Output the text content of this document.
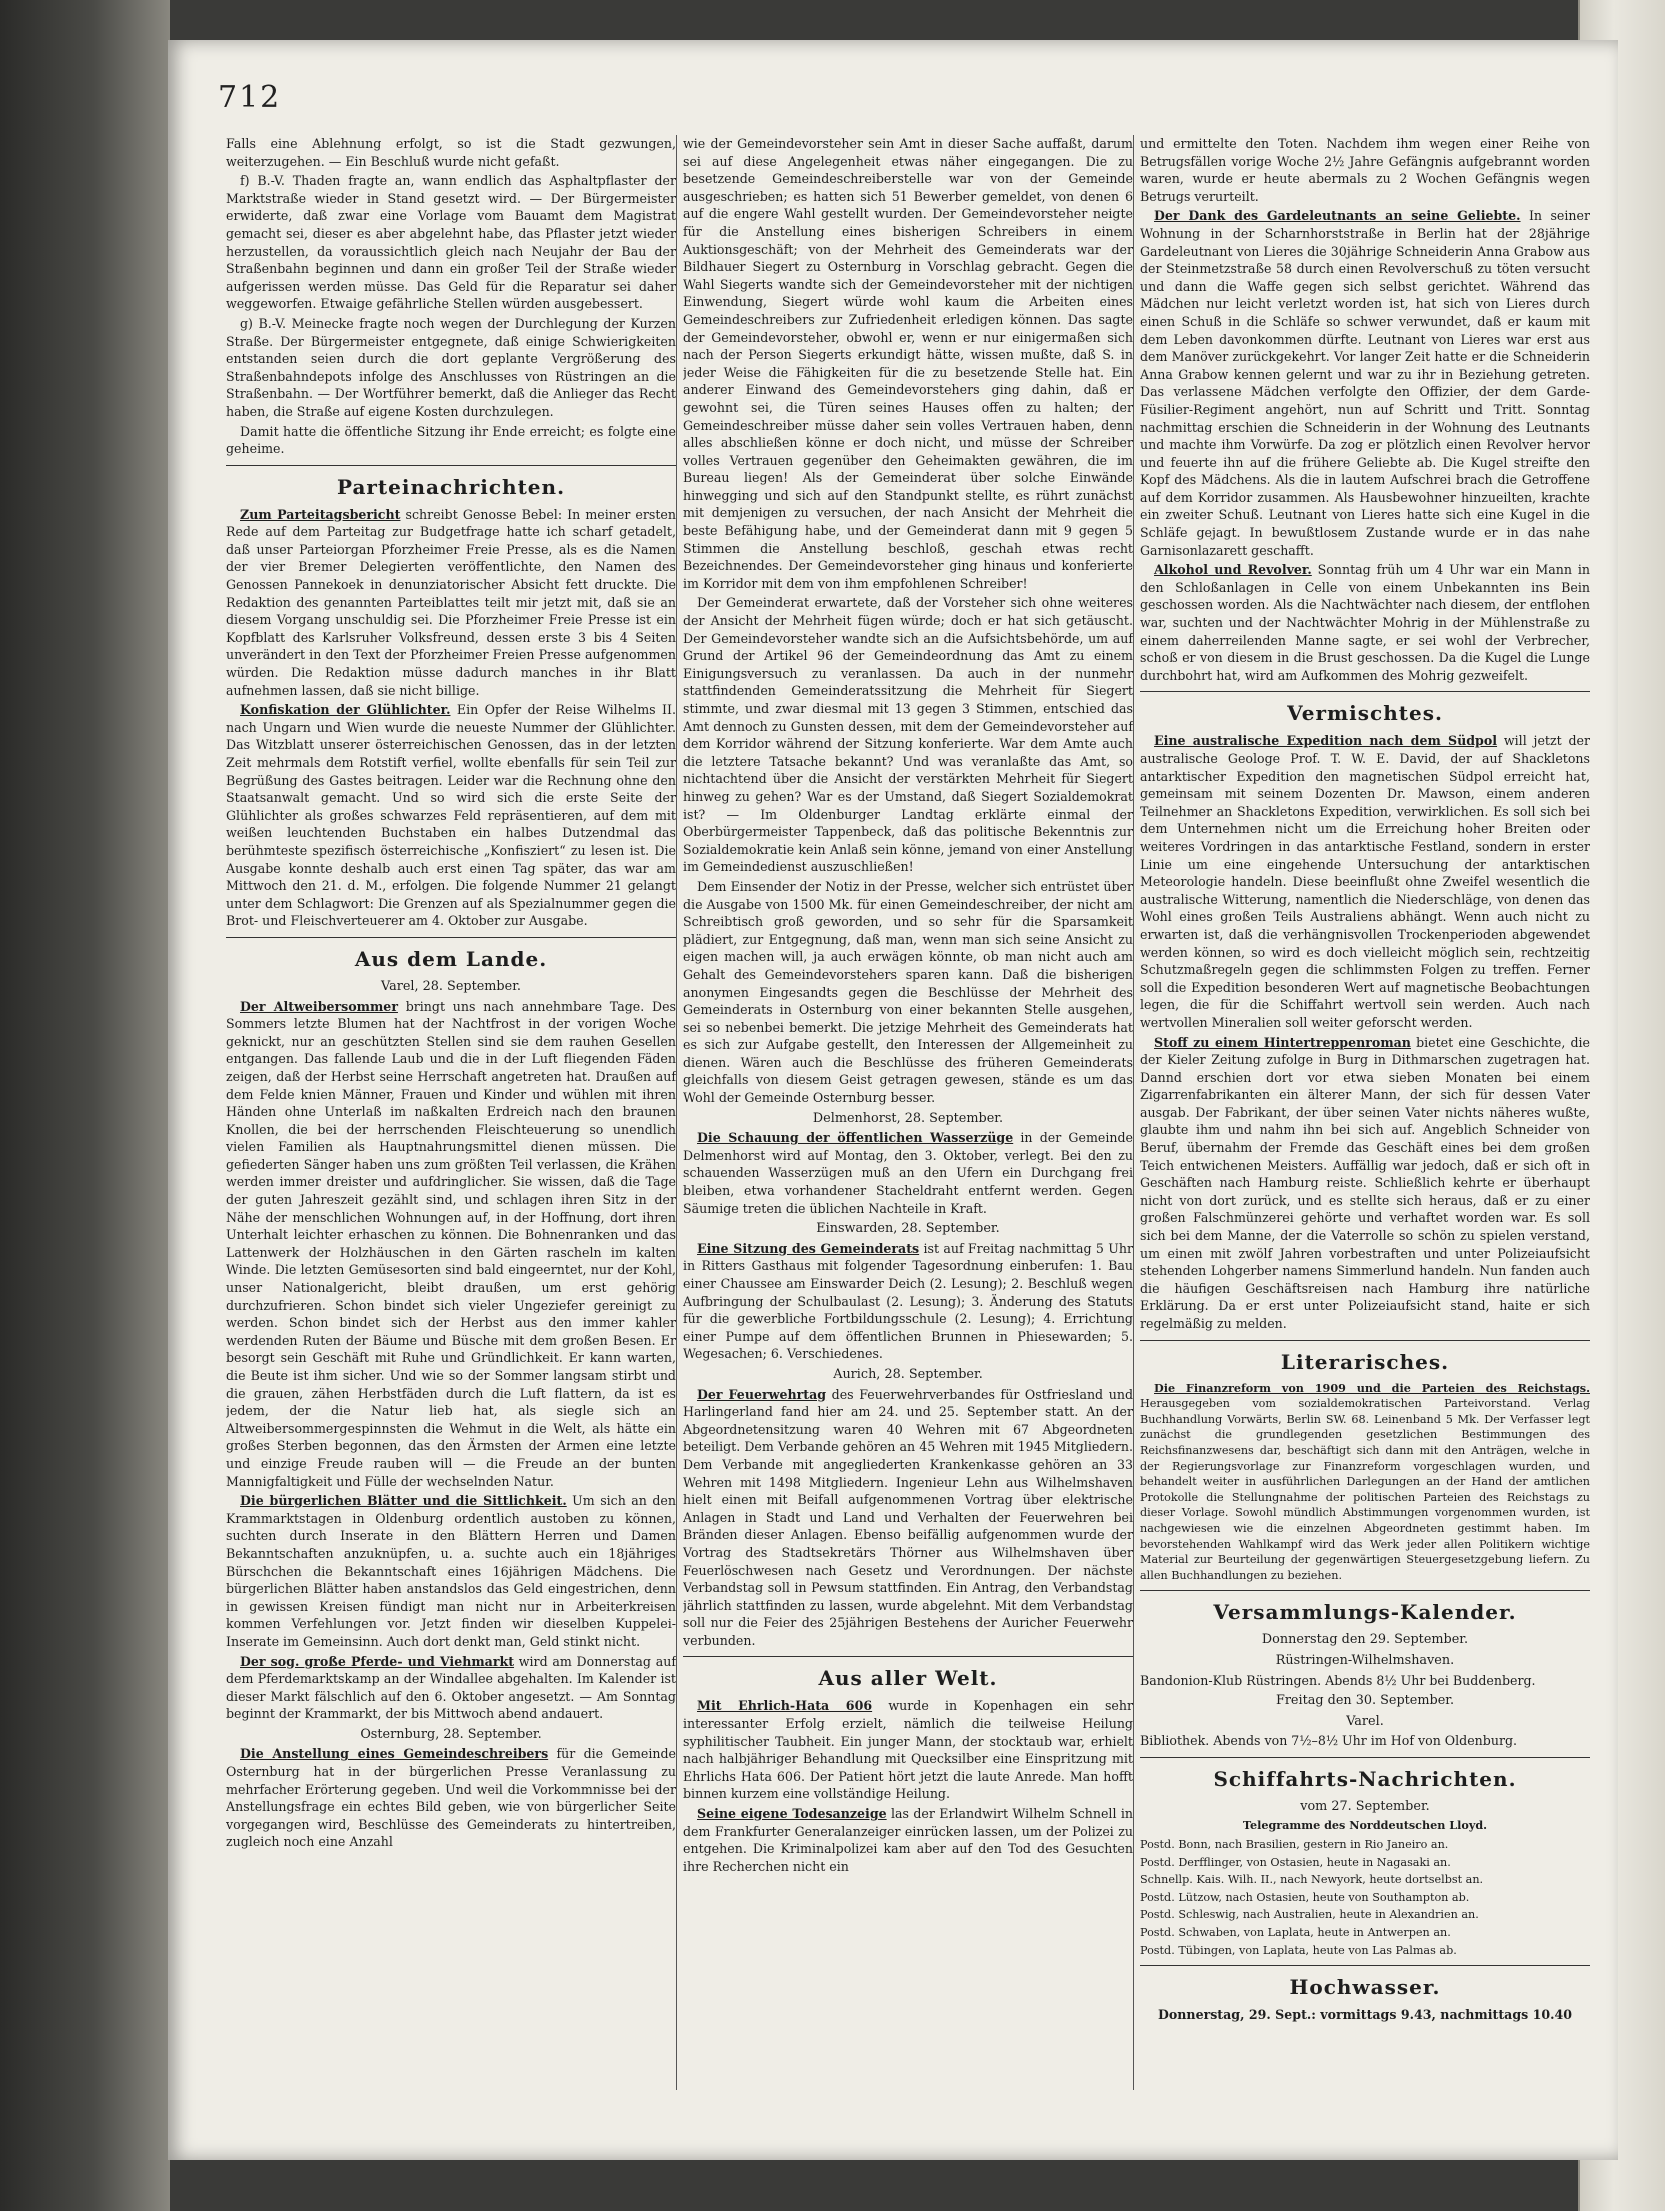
712

Falls eine Ablehnung erfolgt, so ist die Stadt gezwungen, weiterzugehen. — Ein Beschluß wurde nicht gefaßt.

f) B.-V. Thaden fragte an, wann endlich das Asphaltpflaster der Marktstraße wieder in Stand gesetzt wird. — Der Bürgermeister erwiderte, daß zwar eine Vorlage vom Bauamt dem Magistrat gemacht sei, dieser es aber abgelehnt habe, das Pflaster jetzt wieder herzustellen, da voraussichtlich gleich nach Neujahr der Bau der Straßenbahn beginnen und dann ein großer Teil der Straße wieder aufgerissen werden müsse. Das Geld für die Reparatur sei daher weggeworfen. Etwaige gefährliche Stellen würden ausgebessert.

g) B.-V. Meinecke fragte noch wegen der Durchlegung der Kurzen Straße. Der Bürgermeister entgegnete, daß einige Schwierigkeiten entstanden seien durch die dort geplante Vergrößerung des Straßenbahndepots infolge des Anschlusses von Rüstringen an die Straßenbahn. — Der Wortführer bemerkt, daß die Anlieger das Recht haben, die Straße auf eigene Kosten durchzulegen.

Damit hatte die öffentliche Sitzung ihr Ende erreicht; es folgte eine geheime.

Parteinachrichten.

Zum Parteitagsbericht schreibt Genosse Bebel: In meiner ersten Rede auf dem Parteitag zur Budgetfrage hatte ich scharf getadelt, daß unser Parteiorgan Pforzheimer Freie Presse, als es die Namen der vier Bremer Delegierten veröffentlichte, den Namen des Genossen Pannekoek in denunziatorischer Absicht fett druckte. Die Redaktion des genannten Parteiblattes teilt mir jetzt mit, daß sie an diesem Vorgang unschuldig sei. Die Pforzheimer Freie Presse ist ein Kopfblatt des Karlsruher Volksfreund, dessen erste 3 bis 4 Seiten unverändert in den Text der Pforzheimer Freien Presse aufgenommen würden. Die Redaktion müsse dadurch manches in ihr Blatt aufnehmen lassen, daß sie nicht billige.

Konfiskation der Glühlichter. Ein Opfer der Reise Wilhelms II. nach Ungarn und Wien wurde die neueste Nummer der Glühlichter. Das Witzblatt unserer österreichischen Genossen, das in der letzten Zeit mehrmals dem Rotstift verfiel, wollte ebenfalls für sein Teil zur Begrüßung des Gastes beitragen. Leider war die Rechnung ohne den Staatsanwalt gemacht. Und so wird sich die erste Seite der Glühlichter als großes schwarzes Feld repräsentieren, auf dem mit weißen leuchtenden Buchstaben ein halbes Dutzendmal das berühmteste spezifisch österreichische „Konfisziert“ zu lesen ist. Die Ausgabe konnte deshalb auch erst einen Tag später, das war am Mittwoch den 21. d. M., erfolgen. Die folgende Nummer 21 gelangt unter dem Schlagwort: Die Grenzen auf als Spezialnummer gegen die Brot- und Fleischverteuerer am 4. Oktober zur Ausgabe.

Aus dem Lande.
Varel, 28. September.

Der Altweibersommer bringt uns nach annehmbare Tage. Des Sommers letzte Blumen hat der Nachtfrost in der vorigen Woche geknickt, nur an geschützten Stellen sind sie dem rauhen Gesellen entgangen. Das fallende Laub und die in der Luft fliegenden Fäden zeigen, daß der Herbst seine Herrschaft angetreten hat. Draußen auf dem Felde knien Männer, Frauen und Kinder und wühlen mit ihren Händen ohne Unterlaß im naßkalten Erdreich nach den braunen Knollen, die bei der herrschenden Fleischteuerung so unendlich vielen Familien als Hauptnahrungsmittel dienen müssen. Die gefiederten Sänger haben uns zum größten Teil verlassen, die Krähen werden immer dreister und aufdringlicher. Sie wissen, daß die Tage der guten Jahreszeit gezählt sind, und schlagen ihren Sitz in der Nähe der menschlichen Wohnungen auf, in der Hoffnung, dort ihren Unterhalt leichter erhaschen zu können. Die Bohnenranken und das Lattenwerk der Holzhäuschen in den Gärten rascheln im kalten Winde. Die letzten Gemüsesorten sind bald eingeerntet, nur der Kohl, unser Nationalgericht, bleibt draußen, um erst gehörig durchzufrieren. Schon bindet sich vieler Ungeziefer gereinigt zu werden. Schon bindet sich der Herbst aus den immer kahler werdenden Ruten der Bäume und Büsche mit dem großen Besen. Er besorgt sein Geschäft mit Ruhe und Gründlichkeit. Er kann warten, die Beute ist ihm sicher. Und wie so der Sommer langsam stirbt und die grauen, zähen Herbstfäden durch die Luft flattern, da ist es jedem, der die Natur lieb hat, als siegle sich an Altweibersommergespinnsten die Wehmut in die Welt, als hätte ein großes Sterben begonnen, das den Ärmsten der Armen eine letzte und einzige Freude rauben will — die Freude an der bunten Mannigfaltigkeit und Fülle der wechselnden Natur.

Die bürgerlichen Blätter und die Sittlichkeit. Um sich an den Krammarktstagen in Oldenburg ordentlich austoben zu können, suchten durch Inserate in den Blättern Herren und Damen Bekanntschaften anzuknüpfen, u. a. suchte auch ein 18jähriges Bürschchen die Bekanntschaft eines 16jährigen Mädchens. Die bürgerlichen Blätter haben anstandslos das Geld eingestrichen, denn in gewissen Kreisen fündigt man nicht nur in Arbeiterkreisen kommen Verfehlungen vor. Jetzt finden wir dieselben Kuppelei-Inserate im Gemeinsinn. Auch dort denkt man, Geld stinkt nicht.

Der sog. große Pferde- und Viehmarkt wird am Donnerstag auf dem Pferdemarktskamp an der Windallee abgehalten. Im Kalender ist dieser Markt fälschlich auf den 6. Oktober angesetzt. — Am Sonntag beginnt der Krammarkt, der bis Mittwoch abend andauert.

Osternburg, 28. September.

Die Anstellung eines Gemeindeschreibers für die Gemeinde Osternburg hat in der bürgerlichen Presse Veranlassung zu mehrfacher Erörterung gegeben. Und weil die Vorkommnisse bei der Anstellungsfrage ein echtes Bild geben, wie von bürgerlicher Seite vorgegangen wird, Beschlüsse des Gemeinderats zu hintertreiben, zugleich noch eine Anzahl

wie der Gemeindevorsteher sein Amt in dieser Sache auffaßt, darum sei auf diese Angelegenheit etwas näher eingegangen. Die zu besetzende Gemeindeschreiberstelle war von der Gemeinde ausgeschrieben; es hatten sich 51 Bewerber gemeldet, von denen 6 auf die engere Wahl gestellt wurden. Der Gemeindevorsteher neigte für die Anstellung eines bisherigen Schreibers in einem Auktionsgeschäft; von der Mehrheit des Gemeinderats war der Bildhauer Siegert zu Osternburg in Vorschlag gebracht. Gegen die Wahl Siegerts wandte sich der Gemeindevorsteher mit der nichtigen Einwendung, Siegert würde wohl kaum die Arbeiten eines Gemeindeschreibers zur Zufriedenheit erledigen können. Das sagte der Gemeindevorsteher, obwohl er, wenn er nur einigermaßen sich nach der Person Siegerts erkundigt hätte, wissen mußte, daß S. in jeder Weise die Fähigkeiten für die zu besetzende Stelle hat. Ein anderer Einwand des Gemeindevorstehers ging dahin, daß er gewohnt sei, die Türen seines Hauses offen zu halten; der Gemeindeschreiber müsse daher sein volles Vertrauen haben, denn alles abschließen könne er doch nicht, und müsse der Schreiber volles Vertrauen gegenüber den Geheimakten gewähren, die im Bureau liegen! Als der Gemeinderat über solche Einwände hinwegging und sich auf den Standpunkt stellte, es rührt zunächst mit demjenigen zu versuchen, der nach Ansicht der Mehrheit die beste Befähigung habe, und der Gemeinderat dann mit 9 gegen 5 Stimmen die Anstellung beschloß, geschah etwas recht Bezeichnendes. Der Gemeindevorsteher ging hinaus und konferierte im Korridor mit dem von ihm empfohlenen Schreiber!

Der Gemeinderat erwartete, daß der Vorsteher sich ohne weiteres der Ansicht der Mehrheit fügen würde; doch er hat sich getäuscht. Der Gemeindevorsteher wandte sich an die Aufsichtsbehörde, um auf Grund der Artikel 96 der Gemeindeordnung das Amt zu einem Einigungsversuch zu veranlassen. Da auch in der nunmehr stattfindenden Gemeinderatssitzung die Mehrheit für Siegert stimmte, und zwar diesmal mit 13 gegen 3 Stimmen, entschied das Amt dennoch zu Gunsten dessen, mit dem der Gemeindevorsteher auf dem Korridor während der Sitzung konferierte. War dem Amte auch die letztere Tatsache bekannt? Und was veranlaßte das Amt, so nichtachtend über die Ansicht der verstärkten Mehrheit für Siegert hinweg zu gehen? War es der Umstand, daß Siegert Sozialdemokrat ist? — Im Oldenburger Landtag erklärte einmal der Oberbürgermeister Tappenbeck, daß das politische Bekenntnis zur Sozialdemokratie kein Anlaß sein könne, jemand von einer Anstellung im Gemeindedienst auszuschließen!

Dem Einsender der Notiz in der Presse, welcher sich entrüstet über die Ausgabe von 1500 Mk. für einen Gemeindeschreiber, der nicht am Schreibtisch groß geworden, und so sehr für die Sparsamkeit plädiert, zur Entgegnung, daß man, wenn man sich seine Ansicht zu eigen machen will, ja auch erwägen könnte, ob man nicht auch am Gehalt des Gemeindevorstehers sparen kann. Daß die bisherigen anonymen Eingesandts gegen die Beschlüsse der Mehrheit des Gemeinderats in Osternburg von einer bekannten Stelle ausgehen, sei so nebenbei bemerkt. Die jetzige Mehrheit des Gemeinderats hat es sich zur Aufgabe gestellt, den Interessen der Allgemeinheit zu dienen. Wären auch die Beschlüsse des früheren Gemeinderats gleichfalls von diesem Geist getragen gewesen, stände es um das Wohl der Gemeinde Osternburg besser.

Delmenhorst, 28. September.

Die Schauung der öffentlichen Wasserzüge in der Gemeinde Delmenhorst wird auf Montag, den 3. Oktober, verlegt. Bei den zu schauenden Wasserzügen muß an den Ufern ein Durchgang frei bleiben, etwa vorhandener Stacheldraht entfernt werden. Gegen Säumige treten die üblichen Nachteile in Kraft.

Einswarden, 28. September.

Eine Sitzung des Gemeinderats ist auf Freitag nachmittag 5 Uhr in Ritters Gasthaus mit folgender Tagesordnung einberufen: 1. Bau einer Chaussee am Einswarder Deich (2. Lesung); 2. Beschluß wegen Aufbringung der Schulbaulast (2. Lesung); 3. Änderung des Statuts für die gewerbliche Fortbildungsschule (2. Lesung); 4. Errichtung einer Pumpe auf dem öffentlichen Brunnen in Phiesewarden; 5. Wegesachen; 6. Verschiedenes.

Aurich, 28. September.

Der Feuerwehrtag des Feuerwehrverbandes für Ostfriesland und Harlingerland fand hier am 24. und 25. September statt. An der Abgeordnetensitzung waren 40 Wehren mit 67 Abgeordneten beteiligt. Dem Verbande gehören an 45 Wehren mit 1945 Mitgliedern. Dem Verbande mit angegliederten Krankenkasse gehören an 33 Wehren mit 1498 Mitgliedern. Ingenieur Lehn aus Wilhelmshaven hielt einen mit Beifall aufgenommenen Vortrag über elektrische Anlagen in Stadt und Land und Verhalten der Feuerwehren bei Bränden dieser Anlagen. Ebenso beifällig aufgenommen wurde der Vortrag des Stadtsekretärs Thörner aus Wilhelmshaven über Feuerlöschwesen nach Gesetz und Verordnungen. Der nächste Verbandstag soll in Pewsum stattfinden. Ein Antrag, den Verbandstag jährlich stattfinden zu lassen, wurde abgelehnt. Mit dem Verbandstag soll nur die Feier des 25jährigen Bestehens der Auricher Feuerwehr verbunden.

Aus aller Welt.

Mit Ehrlich-Hata 606 wurde in Kopenhagen ein sehr interessanter Erfolg erzielt, nämlich die teilweise Heilung syphilitischer Taubheit. Ein junger Mann, der stocktaub war, erhielt nach halbjähriger Behandlung mit Quecksilber eine Einspritzung mit Ehrlichs Hata 606. Der Patient hört jetzt die laute Anrede. Man hofft binnen kurzem eine vollständige Heilung.

Seine eigene Todesanzeige las der Erlandwirt Wilhelm Schnell in dem Frankfurter Generalanzeiger einrücken lassen, um der Polizei zu entgehen. Die Kriminalpolizei kam aber auf den Tod des Gesuchten ihre Recherchen nicht ein

und ermittelte den Toten. Nachdem ihm wegen einer Reihe von Betrugsfällen vorige Woche 2½ Jahre Gefängnis aufgebrannt worden waren, wurde er heute abermals zu 2 Wochen Gefängnis wegen Betrugs verurteilt.

Der Dank des Gardeleutnants an seine Geliebte. In seiner Wohnung in der Scharnhorststraße in Berlin hat der 28jährige Gardeleutnant von Lieres die 30jährige Schneiderin Anna Grabow aus der Steinmetzstraße 58 durch einen Revolverschuß zu töten versucht und dann die Waffe gegen sich selbst gerichtet. Während das Mädchen nur leicht verletzt worden ist, hat sich von Lieres durch einen Schuß in die Schläfe so schwer verwundet, daß er kaum mit dem Leben davonkommen dürfte. Leutnant von Lieres war erst aus dem Manöver zurückgekehrt. Vor langer Zeit hatte er die Schneiderin Anna Grabow kennen gelernt und war zu ihr in Beziehung getreten. Das verlassene Mädchen verfolgte den Offizier, der dem Garde-Füsilier-Regiment angehört, nun auf Schritt und Tritt. Sonntag nachmittag erschien die Schneiderin in der Wohnung des Leutnants und machte ihm Vorwürfe. Da zog er plötzlich einen Revolver hervor und feuerte ihn auf die frühere Geliebte ab. Die Kugel streifte den Kopf des Mädchens. Als die in lautem Aufschrei brach die Getroffene auf dem Korridor zusammen. Als Hausbewohner hinzueilten, krachte ein zweiter Schuß. Leutnant von Lieres hatte sich eine Kugel in die Schläfe gejagt. In bewußtlosem Zustande wurde er in das nahe Garnisonlazarett geschafft.

Alkohol und Revolver. Sonntag früh um 4 Uhr war ein Mann in den Schloßanlagen in Celle von einem Unbekannten ins Bein geschossen worden. Als die Nachtwächter nach diesem, der entflohen war, suchten und der Nachtwächter Mohrig in der Mühlenstraße zu einem daherreilenden Manne sagte, er sei wohl der Verbrecher, schoß er von diesem in die Brust geschossen. Da die Kugel die Lunge durchbohrt hat, wird am Aufkommen des Mohrig gezweifelt.

Vermischtes.

Eine australische Expedition nach dem Südpol will jetzt der australische Geologe Prof. T. W. E. David, der auf Shackletons antarktischer Expedition den magnetischen Südpol erreicht hat, gemeinsam mit seinem Dozenten Dr. Mawson, einem anderen Teilnehmer an Shackletons Expedition, verwirklichen. Es soll sich bei dem Unternehmen nicht um die Erreichung hoher Breiten oder weiteres Vordringen in das antarktische Festland, sondern in erster Linie um eine eingehende Untersuchung der antarktischen Meteorologie handeln. Diese beeinflußt ohne Zweifel wesentlich die australische Witterung, namentlich die Niederschläge, von denen das Wohl eines großen Teils Australiens abhängt. Wenn auch nicht zu erwarten ist, daß die verhängnisvollen Trockenperioden abgewendet werden können, so wird es doch vielleicht möglich sein, rechtzeitig Schutzmaßregeln gegen die schlimmsten Folgen zu treffen. Ferner soll die Expedition besonderen Wert auf magnetische Beobachtungen legen, die für die Schiffahrt wertvoll sein werden. Auch nach wertvollen Mineralien soll weiter geforscht werden.

Stoff zu einem Hintertreppenroman bietet eine Geschichte, die der Kieler Zeitung zufolge in Burg in Dithmarschen zugetragen hat. Dannd erschien dort vor etwa sieben Monaten bei einem Zigarrenfabrikanten ein älterer Mann, der sich für dessen Vater ausgab. Der Fabrikant, der über seinen Vater nichts näheres wußte, glaubte ihm und nahm ihn bei sich auf. Angeblich Schneider von Beruf, übernahm der Fremde das Geschäft eines bei dem großen Teich entwichenen Meisters. Auffällig war jedoch, daß er sich oft in Geschäften nach Hamburg reiste. Schließlich kehrte er überhaupt nicht von dort zurück, und es stellte sich heraus, daß er zu einer großen Falschmünzerei gehörte und verhaftet worden war. Es soll sich bei dem Manne, der die Vaterrolle so schön zu spielen verstand, um einen mit zwölf Jahren vorbestraften und unter Polizeiaufsicht stehenden Lohgerber namens Simmerlund handeln. Nun fanden auch die häufigen Geschäftsreisen nach Hamburg ihre natürliche Erklärung. Da er erst unter Polizeiaufsicht stand, haite er sich regelmäßig zu melden.

Literarisches.

Die Finanzreform von 1909 und die Parteien des Reichstags. Herausgegeben vom sozialdemokratischen Parteivorstand. Verlag Buchhandlung Vorwärts, Berlin SW. 68. Leinenband 5 Mk. Der Verfasser legt zunächst die grundlegenden gesetzlichen Bestimmungen des Reichsfinanzwesens dar, beschäftigt sich dann mit den Anträgen, welche in der Regierungsvorlage zur Finanzreform vorgeschlagen wurden, und behandelt weiter in ausführlichen Darlegungen an der Hand der amtlichen Protokolle die Stellungnahme der politischen Parteien des Reichstags zu dieser Vorlage. Sowohl mündlich Abstimmungen vorgenommen wurden, ist nachgewiesen wie die einzelnen Abgeordneten gestimmt haben. Im bevorstehenden Wahlkampf wird das Werk jeder allen Politikern wichtige Material zur Beurteilung der gegenwärtigen Steuergesetzgebung liefern. Zu allen Buchhandlungen zu beziehen.

Versammlungs-Kalender.
Donnerstag den 29. September.
Rüstringen-Wilhelmshaven.

Bandonion-Klub Rüstringen. Abends 8½ Uhr bei Buddenberg.

Freitag den 30. September.
Varel.

Bibliothek. Abends von 7½–8½ Uhr im Hof von Oldenburg.

Schiffahrts-Nachrichten.
vom 27. September.
Telegramme des Norddeutschen Lloyd.

Postd. Bonn, nach Brasilien, gestern in Rio Janeiro an.

Postd. Derfflinger, von Ostasien, heute in Nagasaki an.

Schnellp. Kais. Wilh. II., nach Newyork, heute dortselbst an.

Postd. Lützow, nach Ostasien, heute von Southampton ab.

Postd. Schleswig, nach Australien, heute in Alexandrien an.

Postd. Schwaben, von Laplata, heute in Antwerpen an.

Postd. Tübingen, von Laplata, heute von Las Palmas ab.

Hochwasser.

Donnerstag, 29. Sept.: vormittags 9.43, nachmittags 10.40
